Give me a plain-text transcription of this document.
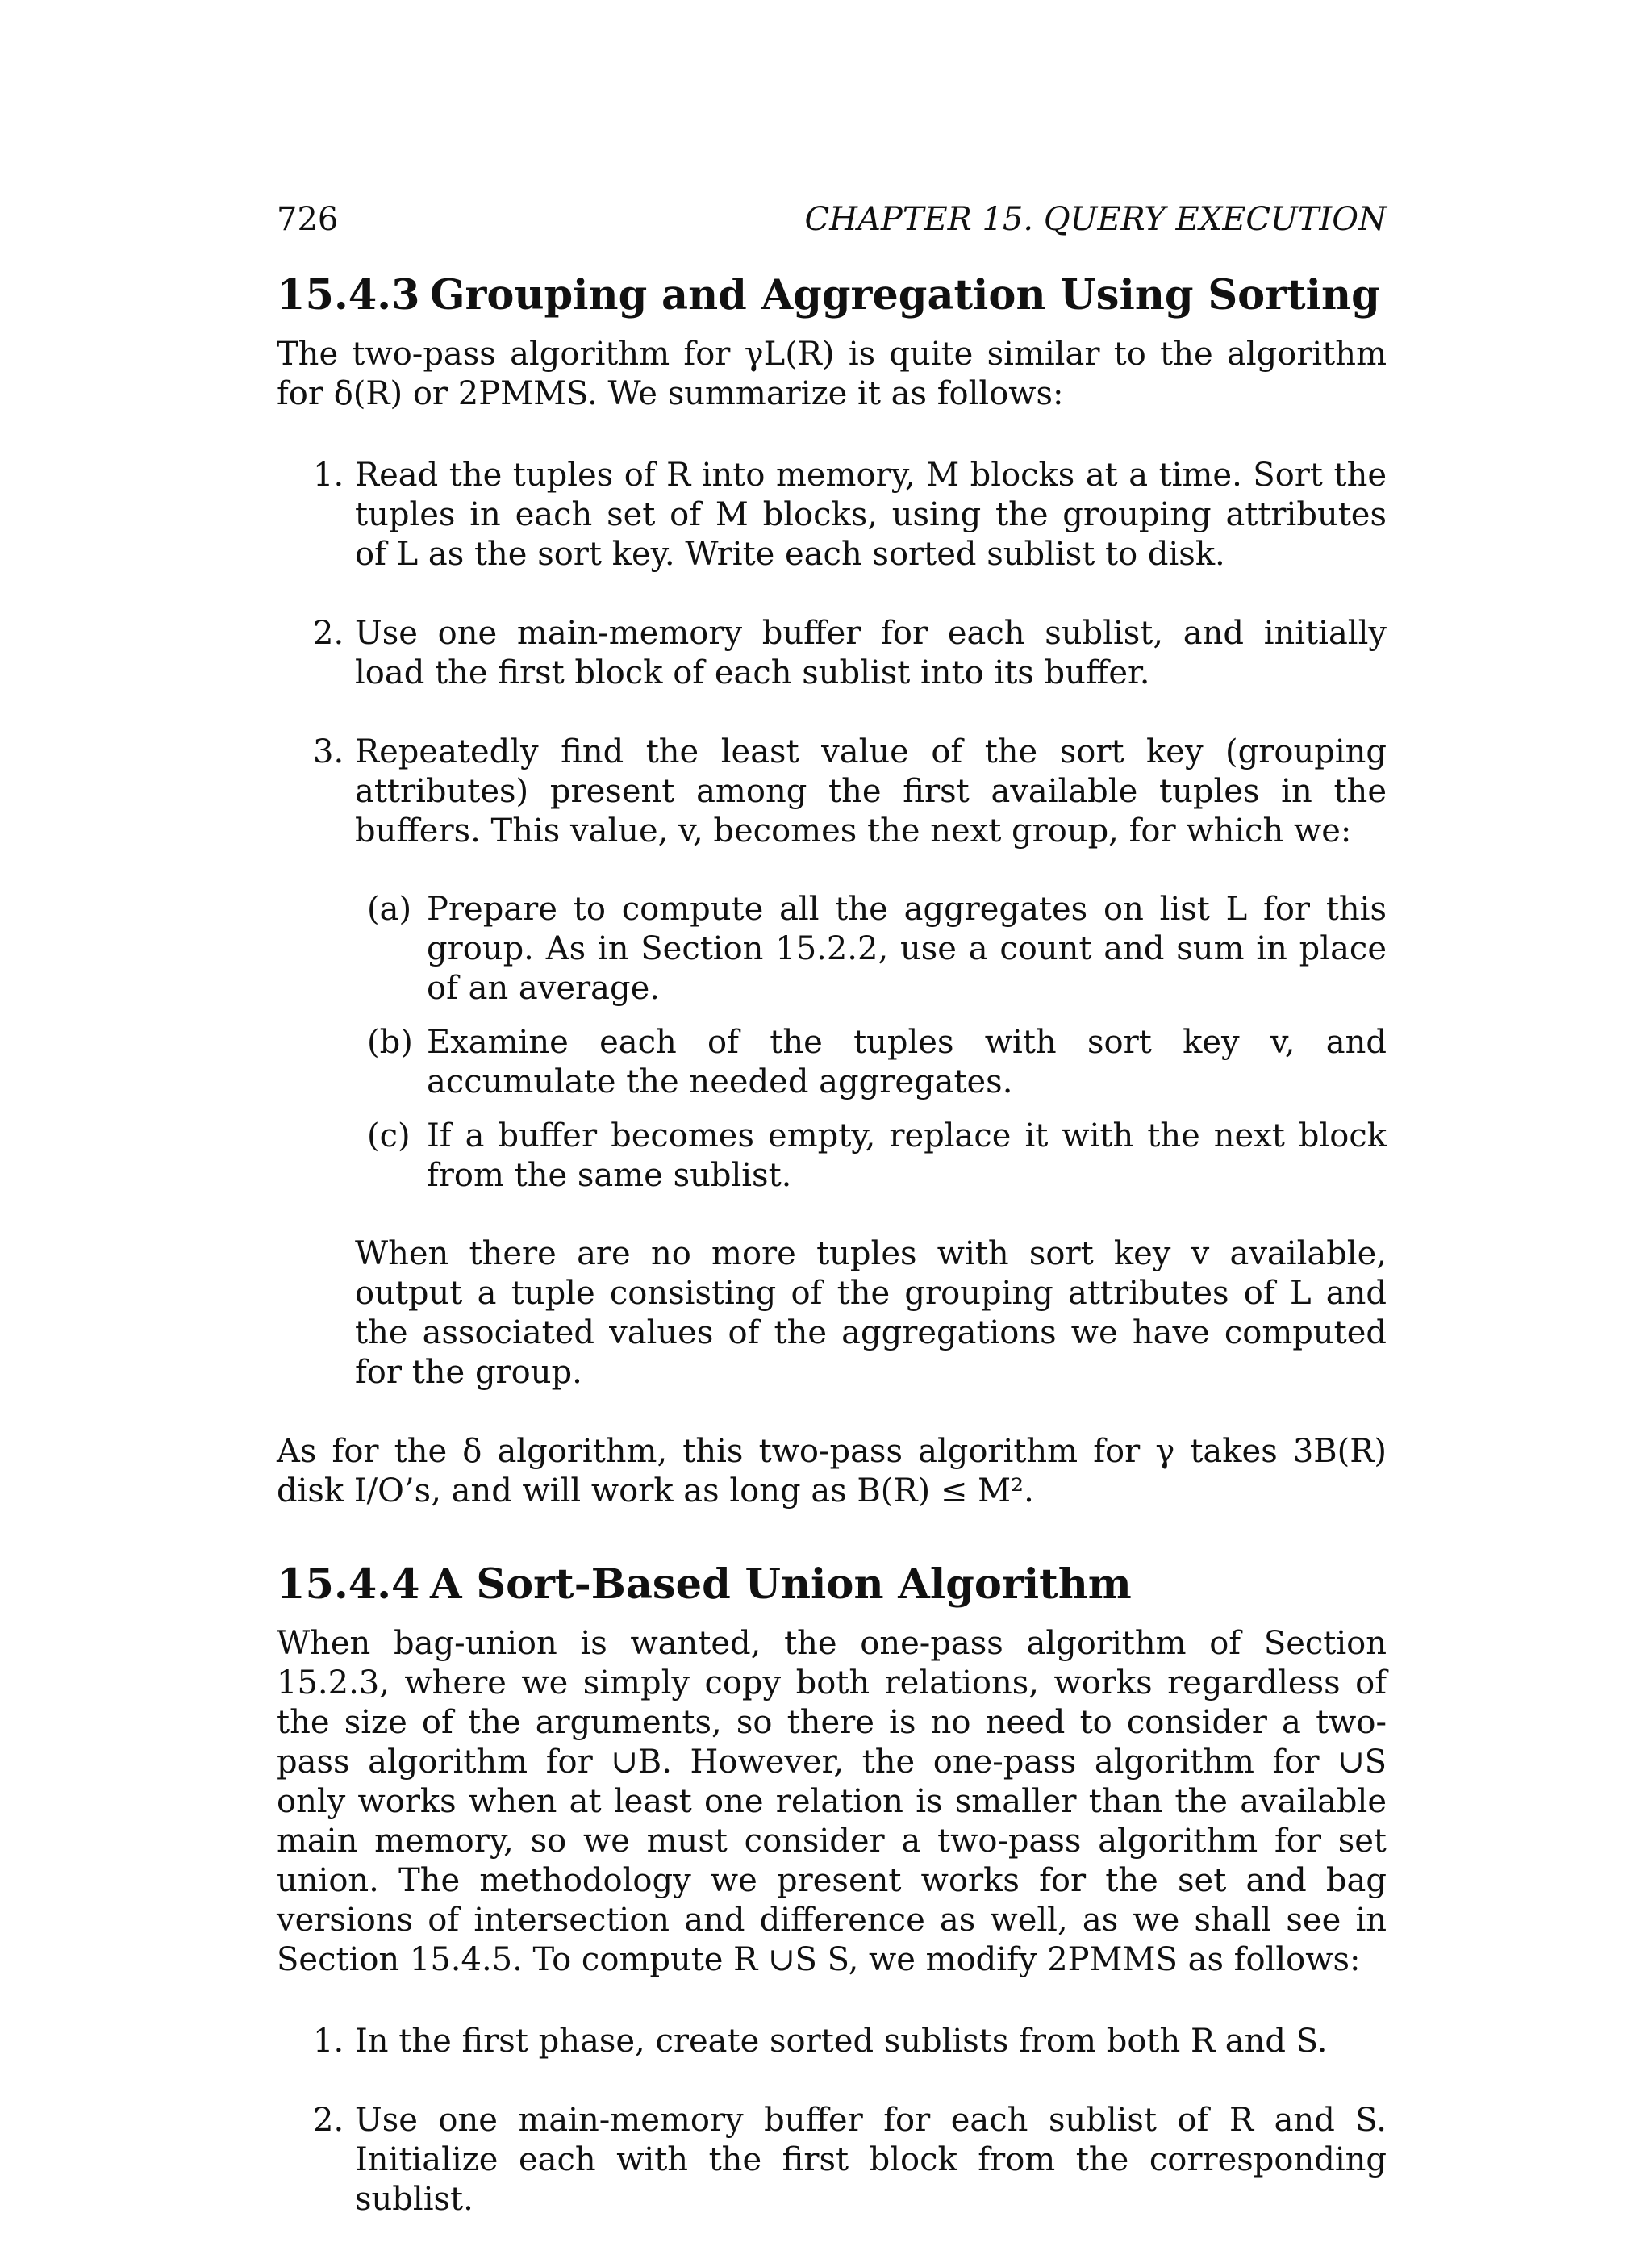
726	CHAPTER 15. QUERY EXECUTION
15.4.3 Grouping and Aggregation Using Sorting

The two-pass algorithm for γL(R) is quite similar to the algorithm for δ(R) or 2PMMS. We summarize it as follows:

1. Read the tuples of R into memory, M blocks at a time. Sort the tuples in each set of M blocks, using the grouping attributes of L as the sort key. Write each sorted sublist to disk.
2. Use one main-memory buffer for each sublist, and initially load the first block of each sublist into its buffer.
3. Repeatedly find the least value of the sort key (grouping attributes) present among the first available tuples in the buffers. This value, v, becomes the next group, for which we:
(a) Prepare to compute all the aggregates on list L for this group. As in Section 15.2.2, use a count and sum in place of an average.
(b) Examine each of the tuples with sort key v, and accumulate the needed aggregates.
(c) If a buffer becomes empty, replace it with the next block from the same sublist.

When there are no more tuples with sort key v available, output a tuple consisting of the grouping attributes of L and the associated values of the aggregations we have computed for the group.

As for the δ algorithm, this two-pass algorithm for γ takes 3B(R) disk I/O’s, and will work as long as B(R) ≤ M².

15.4.4 A Sort-Based Union Algorithm

When bag-union is wanted, the one-pass algorithm of Section 15.2.3, where we simply copy both relations, works regardless of the size of the arguments, so there is no need to consider a two-pass algorithm for ∪B. However, the one-pass algorithm for ∪S only works when at least one relation is smaller than the available main memory, so we must consider a two-pass algorithm for set union. The methodology we present works for the set and bag versions of intersection and difference as well, as we shall see in Section 15.4.5. To compute R ∪S S, we modify 2PMMS as follows:

1. In the first phase, create sorted sublists from both R and S.
2. Use one main-memory buffer for each sublist of R and S. Initialize each with the first block from the corresponding sublist.
